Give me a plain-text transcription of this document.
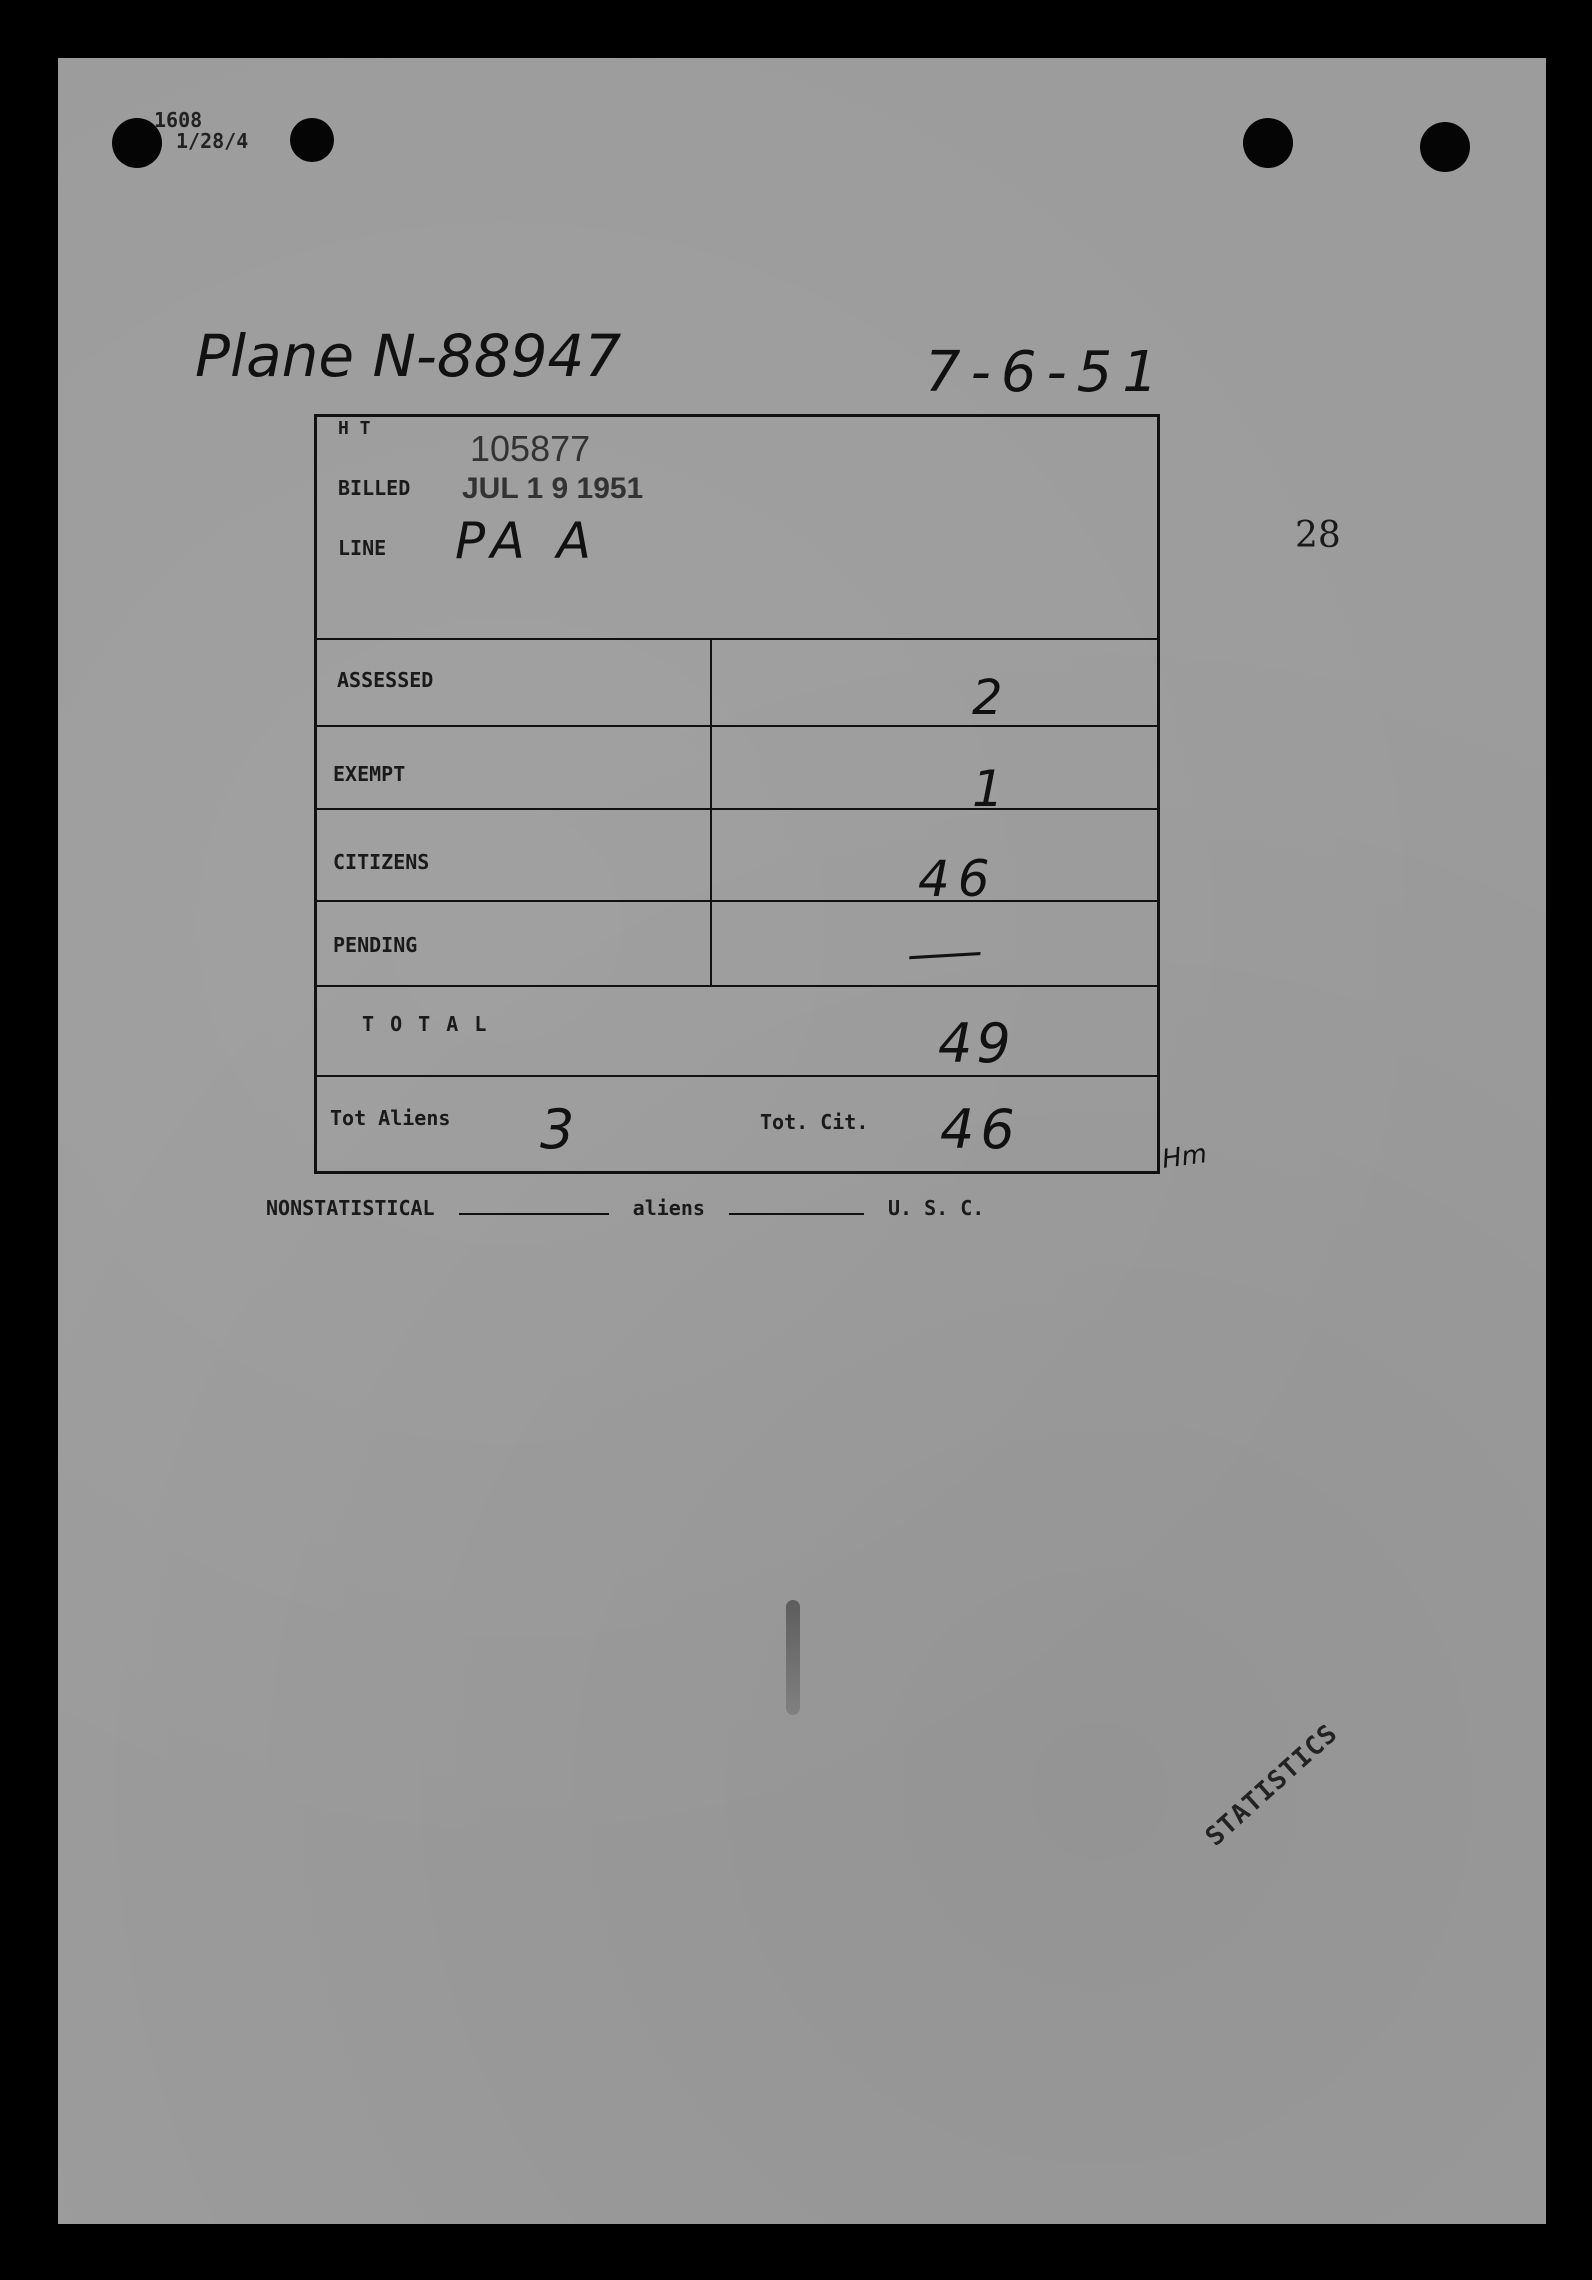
1608
1/28/4
Plane N-88947	7-6-51
H T	105877
BILLED JUL 1 9 1951
LINE PA A	28
ASSESSED	2
EXEMPT	1
CITIZENS	46
PENDING	—
T O T A L	49
Tot Aliens 3	Tot. Cit. 46	Hm
NONSTATISTICAL	aliens	U. S. C.
STATISTICS
